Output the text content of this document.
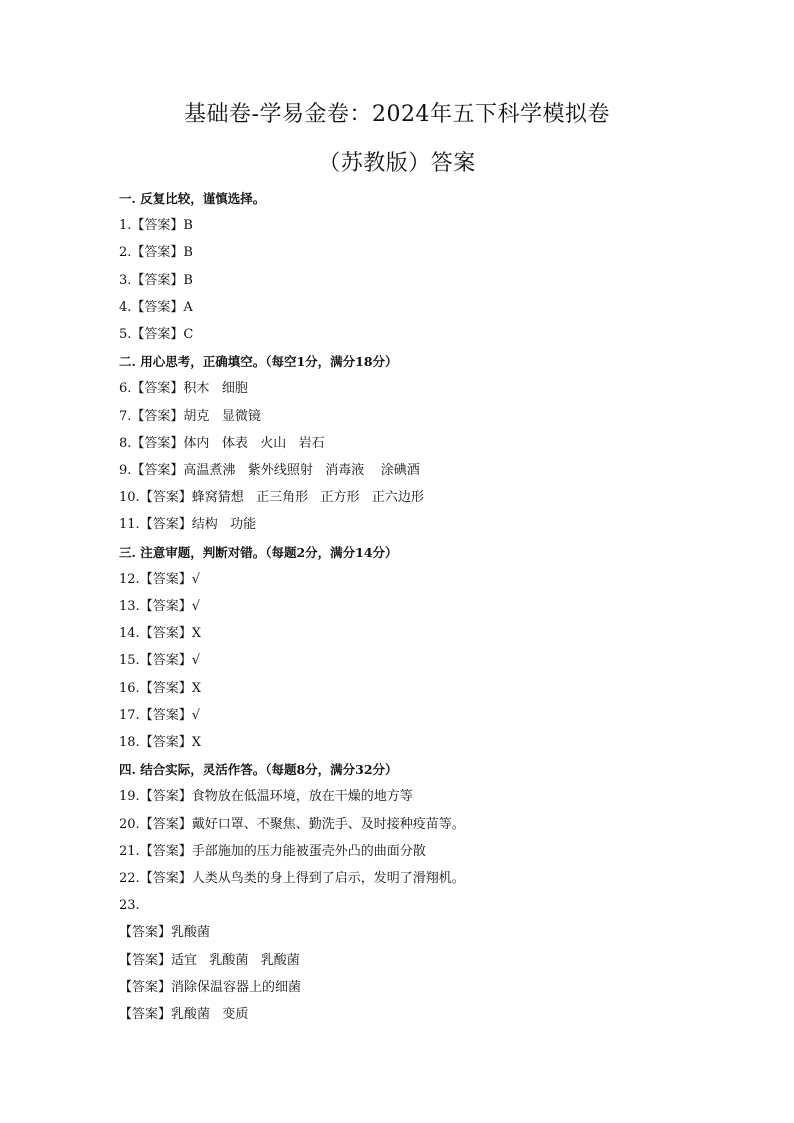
基础卷-学易金卷：2024年五下科学模拟卷
（苏教版）答案
一. 反复比较，谨慎选择。
1.【答案】B
2.【答案】B
3.【答案】B
4.【答案】A
5.【答案】C
二. 用心思考，正确填空。（每空1分，满分18分）
6.【答案】积木   细胞
7.【答案】胡克   显微镜
8.【答案】体内   体表   火山   岩石
9.【答案】高温煮沸   紫外线照射   消毒液    涂碘酒
10.【答案】蜂窝猜想   正三角形   正方形   正六边形
11.【答案】结构   功能
三. 注意审题，判断对错。（每题2分，满分14分）
12.【答案】√
13.【答案】√
14.【答案】X
15.【答案】√
16.【答案】X
17.【答案】√
18.【答案】X
四. 结合实际，灵活作答。（每题8分，满分32分）
19.【答案】食物放在低温环境，放在干燥的地方等
20.【答案】戴好口罩、不聚焦、勤洗手、及时接种疫苗等。
21.【答案】手部施加的压力能被蛋壳外凸的曲面分散
22.【答案】人类从鸟类的身上得到了启示，发明了滑翔机。
23.
【答案】乳酸菌
【答案】适宜   乳酸菌   乳酸菌
【答案】消除保温容器上的细菌
【答案】乳酸菌   变质
